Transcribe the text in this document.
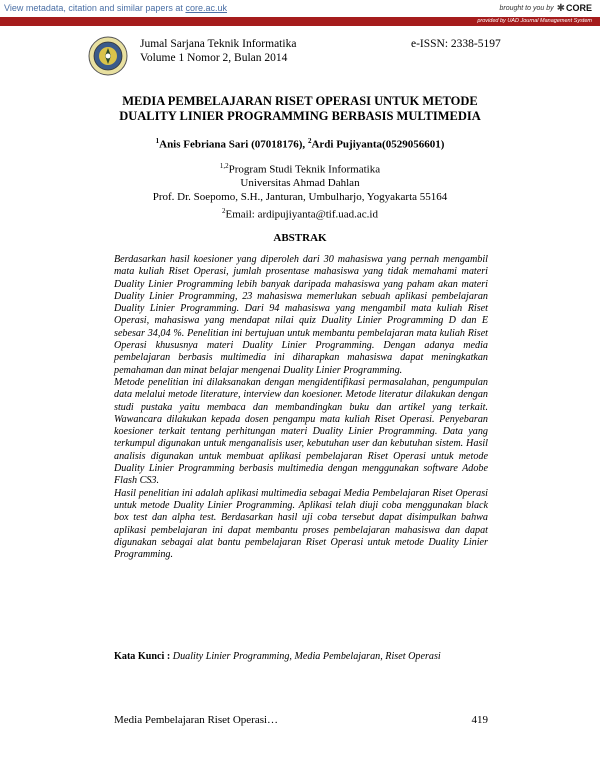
View metadata, citation and similar papers at core.ac.uk	brought to you by ✱ CORE
provided by UAD Journal Management System
Jumal Sarjana Teknik Informatika
Volume 1 Nomor 2, Bulan 2014
e-ISSN: 2338-5197
MEDIA PEMBELAJARAN RISET OPERASI UNTUK METODE
DUALITY LINIER PROGRAMMING BERBASIS MULTIMEDIA
$^1$Anis Febriana Sari (07018176), $^2$Ardi Pujiyanta(0529056601)
$^{1,2}$Program Studi Teknik Informatika
Universitas Ahmad Dahlan
Prof. Dr. Soepomo, S.H., Janturan, Umbulharjo, Yogyakarta 55164
$^2$Email: ardipujiyanta@tif.uad.ac.id
ABSTRAK

Berdasarkan hasil koesioner yang diperoleh dari 30 mahasiswa yang pernah mengambil mata kuliah Riset Operasi, jumlah prosentase mahasiswa yang tidak memahami materi Duality Linier Programming lebih banyak daripada mahasiswa yang paham akan materi Duality Linier Programming, 23 mahasiswa memerlukan sebuah aplikasi pembelajaran Duality Linier Programming. Dari 94 mahasiswa yang mengambil mata kuliah Riset Operasi, mahasiswa yang mendapat nilai quiz Duality Linier Programming D dan E sebesar 34,04 %. Penelitian ini bertujuan untuk membantu pembelajaran mata kuliah Riset Operasi khususnya materi Duality Linier Programming. Dengan adanya media pembelajaran berbasis multimedia ini diharapkan mahasiswa dapat meningkatkan pemahaman dan minat belajar mengenai Duality Linier Programming.

Metode penelitian ini dilaksanakan dengan mengidentifikasi permasalahan, pengumpulan data melalui metode literature, interview dan koesioner. Metode literatur dilakukan dengan studi pustaka yaitu membaca dan membandingkan buku dan artikel yang terkait. Wawancara dilakukan kepada dosen pengampu mata kuliah Riset Operasi. Penyebaran koesioner terkait tentang perhitungan materi Duality Linier Programming. Data yang terkumpul digunakan untuk menganalisis user, kebutuhan user dan kebutuhan sistem. Hasil analisis digunakan untuk membuat aplikasi pembelajaran Riset Operasi untuk metode Duality Linier Programming berbasis multimedia dengan menggunakan software Adobe Flash CS3.

Hasil penelitian ini adalah aplikasi multimedia sebagai Media Pembelajaran Riset Operasi untuk metode Duality Linier Programming. Aplikasi telah diuji coba menggunakan black box test dan alpha test. Berdasarkan hasil uji coba tersebut dapat disimpulkan bahwa aplikasi pembelajaran ini dapat membantu proses pembelajaran mahasiswa dan dapat digunakan sebagai alat bantu pembelajaran Riset Operasi untuk metode Duality Linier Programming.

Kata Kunci : Duality Linier Programming, Media Pembelajaran, Riset Operasi
Media Pembelajaran Riset Operasi…	419
